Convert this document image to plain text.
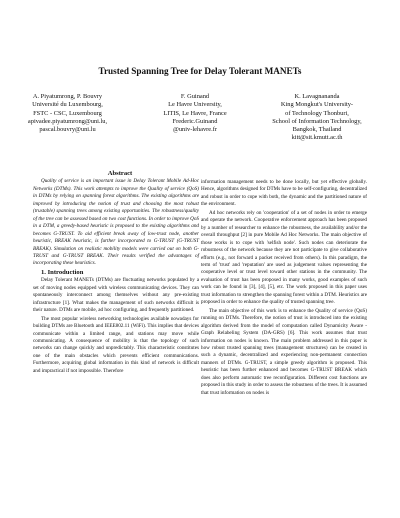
Trusted Spanning Tree for Delay Tolerant MANETs
A. Piyatumrong, P. Bouvry
Université du Luxembourg,
FSTC - CSC, Luxembourg
apivadee.piyatumrong@uni.lu,
pascal.bouvry@uni.lu
F. Guinand
Le Havre University,
LITIS, Le Havre, France
Frederic.Guinand
@univ-lehavre.fr
K. Lavagnananda
King Mongkut's University-
of Technology Thonburi,
School of Information Technology,
Bangkok, Thailand
kitt@sit.kmutt.ac.th

Abstract

Quality of service is an important issue in Delay Tolerant Mobile Ad-Hoc Networks (DTMs). This work attempts to improve the Quality of service (QoS) in DTMs by relying on spanning forest algorithms. The existing algorithms are improved by introducing the notion of trust and choosing the most robust (trustable) spanning trees among existing opportunities. The robustness/quality of the tree can be assessed based on two cost functions. In order to improve QoS in a DTM, a greedy-based heuristic is proposed to the existing algorithms and becomes G-TRUST. To aid efficient break away of low-trust node, another heuristic, BREAK heuristic, is further incorporated to G-TRUST (G-TRUST BREAK). Simulation on realistic mobility models were carried out on both G-TRUST and G-TRUST BREAK. Their results verified the advantages of incorporating these heuristics.

1. Introduction

Delay Tolerant MANETs (DTMs) are fluctuating networks populated by a set of moving nodes equipped with wireless communicating devices. They can spontaneously interconnect among themselves without any pre-existing infrastructure [1]. What makes the management of such networks difficult is their nature. DTMs are mobile, ad hoc configuring, and frequently partitioned.

The most popular wireless networking technologies available nowadays for building DTMs are Bluetooth and IEEE802.11 (WiFi). This implies that devices communicate within a limited range, and stations may move while communicating. A consequence of mobility is that the topology of such networks can change quickly and unpredictably. This characteristic constitutes one of the main obstacles which prevents efficient communications. Furthermore, acquiring global information in this kind of network is difficult and impractical if not impossible. Therefore

information management needs to be done locally, but yet effective globally. Hence, algorithms designed for DTMs have to be self-configuring, decentralized and robust in order to cope with both, the dynamic and the partitioned nature of the environment.

Ad hoc networks rely on 'cooperation' of a set of nodes in order to emerge and operate the network. Cooperative enforcement approach has been proposed by a number of researcher to enhance the robustness, the availability and/or the overall throughput [2] in pure Mobile Ad Hoc Networks. The main objective of those works is to cope with 'selfish node'. Such nodes can deteriorate the robustness of the network because they are not participate to give collaborative efforts (e.g., not forward a packet received from others). In this paradigm, the term of 'trust' and 'reputation' are used as judgement values representing the cooperative level or trust level toward other stations in the community. The evaluation of trust has been proposed in many works, good examples of such work can be found in [3], [4], [5], etc. The work proposed in this paper uses trust information to strengthen the spanning forest within a DTM. Heuristics are proposed in order to enhance the quality of trusted spanning tree.

The main objective of this work is to enhance the Quality of service (QoS) running on DTMs. Therefore, the notion of trust is introduced into the existing algorithm derived from the model of computation called Dynamicity Aware - Graph Relabeling System (DA-GRS) [6]. This work assumes that trust information on nodes is known. The main problem addressed in this paper is how robust trusted spanning trees (management structures) can be created in such a dynamic, decentralized and experiencing non-permanent connection manners of DTMs. G-TRUST, a simple greedy algorithm is proposed. This heuristic has been further enhanced and becomes G-TRUST BREAK which does also perform automatic tree reconfiguration. Different cost functions are proposed in this study in order to assess the robustness of the trees. It is assumed that trust information on nodes is
